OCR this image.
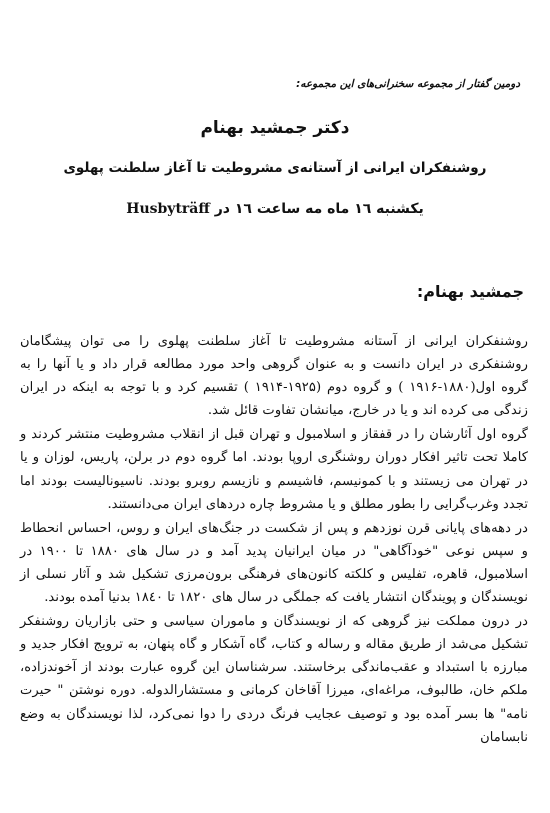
دومین گفتار از مجموعه سخنرانی‌های این مجموعه:
دکتر جمشید بهنام
روشنفکران ایرانی از آستانه‌ی مشروطیت تا آغاز سلطنت پهلوی
یکشنبه ۱٦ ماه مه ساعت ۱٦ در Husbyträff
جمشید بهنام:

روشنفکران ایرانی از آستانه مشروطیت تا آغاز سلطنت پهلوی را می توان پیشگامان روشنفکری در ایران دانست و به عنوان گروهی واحد مورد مطالعه قرار داد و یا آنها را به گروه اول(۱۸۸۰-۱۹۱۶ ) و گروه دوم (۱۹۲۵-۱۹۱۴ ) تقسیم کرد و با توجه به اینکه در ایران زندگی می کرده اند و یا در خارج، میانشان تفاوت قائل شد.

گروه اول آثارشان را در قفقاز و اسلامبول و تهران قبل از انقلاب مشروطیت منتشر کردند و کاملا تحت تاثیر افکار دوران روشنگری اروپا بودند. اما گروه دوم در برلن، پاریس، لوزان و یا در تهران می زیستند و با کمونیسم، فاشیسم و نازیسم روبرو بودند. ناسیونالیست بودند اما تجدد وغرب‌گرایی را بطور مطلق و یا مشروط چاره دردهای ایران می‌دانستند.

در دهه‌های پایانی قرن نوزدهم و پس از شکست در جنگ‌های ایران و روس، احساس انحطاط و سپس نوعی "خودآگاهی" در میان ایرانیان پدید آمد و در سال های ۱۸۸۰ تا ۱۹۰۰ در اسلامبول، قاهره، تفلیس و کلکته کانون‌های فرهنگی برون‌مرزی تشکیل شد و آثار نسلی از نویسندگان و پویندگان انتشار یافت که جملگی در سال های ۱۸۲۰ تا ۱۸٤۰ بدنیا آمده بودند.

در درون مملکت نیز گروهی که از نویسندگان و ماموران سیاسی و حتی بازاریان روشنفکر تشکیل می‌شد از طریق مقاله و رساله و کتاب، گاه آشکار و گاه پنهان، به ترویج افکار جدید و مبارزه با استبداد و عقب‌ماندگی برخاستند. سرشناسان این گروه عبارت بودند از آخوندزاده، ملکم خان، طالبوف، مراغه‌ای، میرزا آقاخان کرمانی و مستشارالدوله. دوره نوشتن " حیرت نامه" ها بسر آمده بود و توصیف عجایب فرنگ دردی را دوا نمی‌کرد، لذا نویسندگان به وضع نابسامان
